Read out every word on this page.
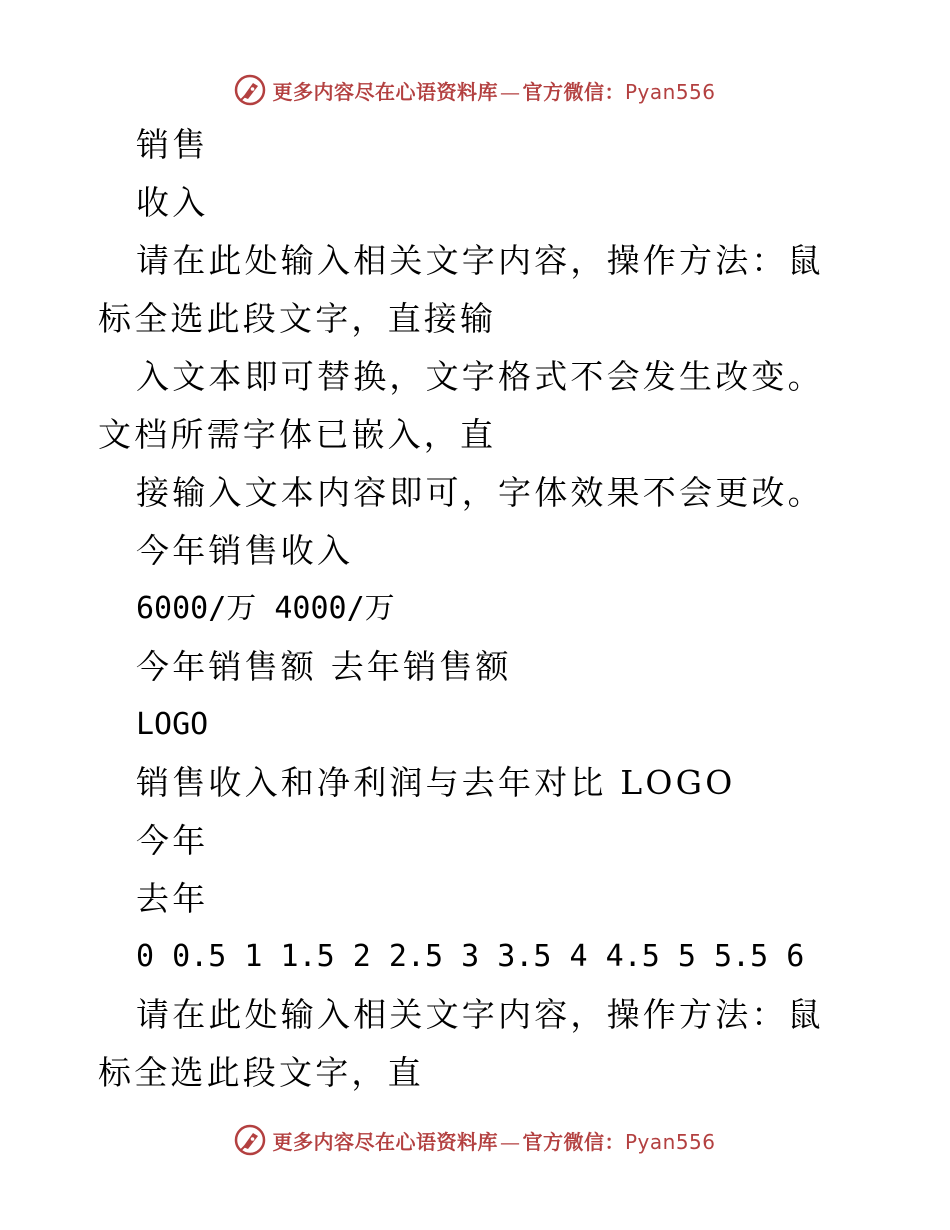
更多内容尽在心语资料库 — 官方微信：Pyan556

销售

收入

请在此处输入相关文字内容，操作方法：鼠标全选此段文字，直接输

入文本即可替换，文字格式不会发生改变。文档所需字体已嵌入，直

接输入文本内容即可，字体效果不会更改。

今年销售收入

6000/万 4000/万

今年销售额 去年销售额

LOGO

销售收入和净利润与去年对比 LOGO

今年

去年

0 0.5 1 1.5 2 2.5 3 3.5 4 4.5 5 5.5 6

请在此处输入相关文字内容，操作方法：鼠标全选此段文字，直

更多内容尽在心语资料库 — 官方微信：Pyan556
